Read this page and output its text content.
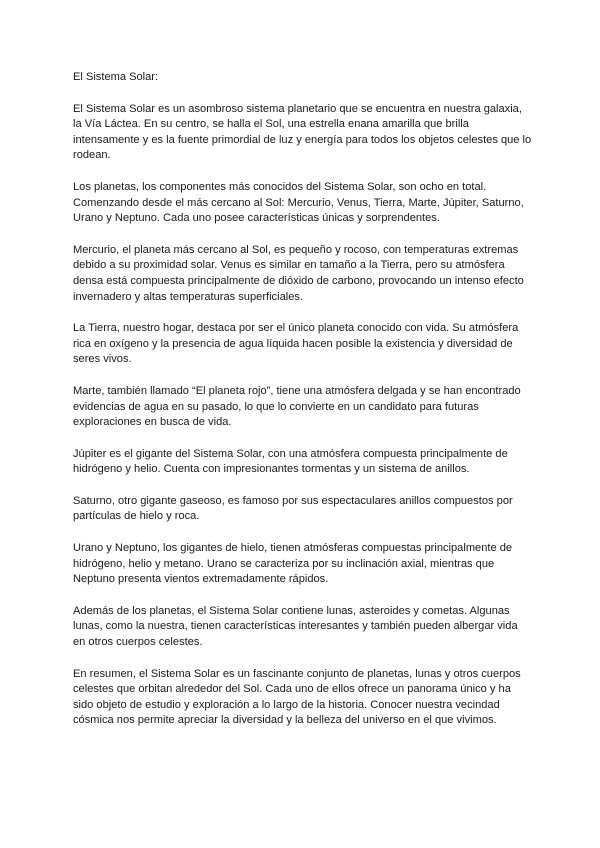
El Sistema Solar:

El Sistema Solar es un asombroso sistema planetario que se encuentra en nuestra galaxia, la Vía Láctea. En su centro, se halla el Sol, una estrella enana amarilla que brilla intensamente y es la fuente primordial de luz y energía para todos los objetos celestes que lo rodean.

Los planetas, los componentes más conocidos del Sistema Solar, son ocho en total. Comenzando desde el más cercano al Sol: Mercurio, Venus, Tierra, Marte, Júpiter, Saturno, Urano y Neptuno. Cada uno posee características únicas y sorprendentes.

Mercurio, el planeta más cercano al Sol, es pequeño y rocoso, con temperaturas extremas debido a su proximidad solar. Venus es similar en tamaño a la Tierra, pero su atmósfera densa está compuesta principalmente de dióxido de carbono, provocando un intenso efecto invernadero y altas temperaturas superficiales.

La Tierra, nuestro hogar, destaca por ser el único planeta conocido con vida. Su atmósfera rica en oxígeno y la presencia de agua líquida hacen posible la existencia y diversidad de seres vivos.

Marte, también llamado “El planeta rojo”, tiene una atmósfera delgada y se han encontrado evidencias de agua en su pasado, lo que lo convierte en un candidato para futuras exploraciones en busca de vida.

Júpiter es el gigante del Sistema Solar, con una atmósfera compuesta principalmente de hidrógeno y helio. Cuenta con impresionantes tormentas y un sistema de anillos.

Saturno, otro gigante gaseoso, es famoso por sus espectaculares anillos compuestos por partículas de hielo y roca.

Urano y Neptuno, los gigantes de hielo, tienen atmósferas compuestas principalmente de hidrógeno, helio y metano. Urano se caracteriza por su inclinación axial, mientras que Neptuno presenta vientos extremadamente rápidos.

Además de los planetas, el Sistema Solar contiene lunas, asteroides y cometas. Algunas lunas, como la nuestra, tienen características interesantes y también pueden albergar vida en otros cuerpos celestes.

En resumen, el Sistema Solar es un fascinante conjunto de planetas, lunas y otros cuerpos celestes que orbitan alrededor del Sol. Cada uno de ellos ofrece un panorama único y ha sido objeto de estudio y exploración a lo largo de la historia. Conocer nuestra vecindad cósmica nos permite apreciar la diversidad y la belleza del universo en el que vivimos.
